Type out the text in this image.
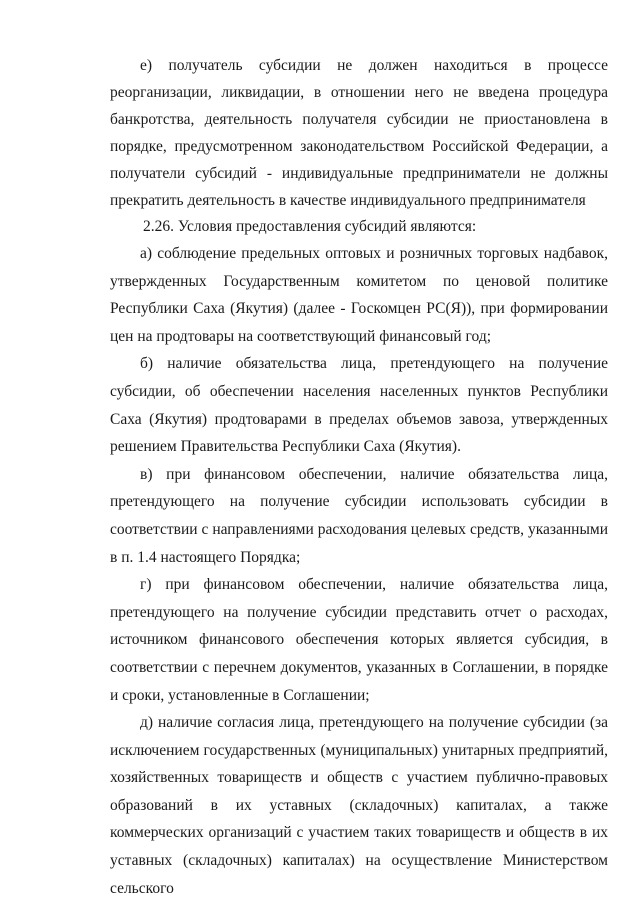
е) получатель субсидии не должен находиться в процессе реорганизации, ликвидации, в отношении него не введена процедура банкротства, деятельность получателя субсидии не приостановлена в порядке, предусмотренном законодательством Российской Федерации, а получатели субсидий - индивидуальные предприниматели не должны прекратить деятельность в качестве индивидуального предпринимателя

2.26. Условия предоставления субсидий являются:

а) соблюдение предельных оптовых и розничных торговых надбавок, утвержденных Государственным комитетом по ценовой политике Республики Саха (Якутия) (далее - Госкомцен РС(Я)), при формировании цен на продтовары на соответствующий финансовый год;

б) наличие обязательства лица, претендующего на получение субсидии, об обеспечении населения населенных пунктов Республики Саха (Якутия) продтоварами в пределах объемов завоза, утвержденных решением Правительства Республики Саха (Якутия).

в) при финансовом обеспечении, наличие обязательства лица, претендующего на получение субсидии использовать субсидии в соответствии с направлениями расходования целевых средств, указанными в п. 1.4 настоящего Порядка;

г) при финансовом обеспечении, наличие обязательства лица, претендующего на получение субсидии представить отчет о расходах, источником финансового обеспечения которых является субсидия, в соответствии с перечнем документов, указанных в Соглашении, в порядке и сроки, установленные в Соглашении;

д) наличие согласия лица, претендующего на получение субсидии (за исключением государственных (муниципальных) унитарных предприятий, хозяйственных товариществ и обществ с участием публично-правовых образований в их уставных (складочных) капиталах, а также коммерческих организаций с участием таких товариществ и обществ в их уставных (складочных) капиталах) на осуществление Министерством сельского
